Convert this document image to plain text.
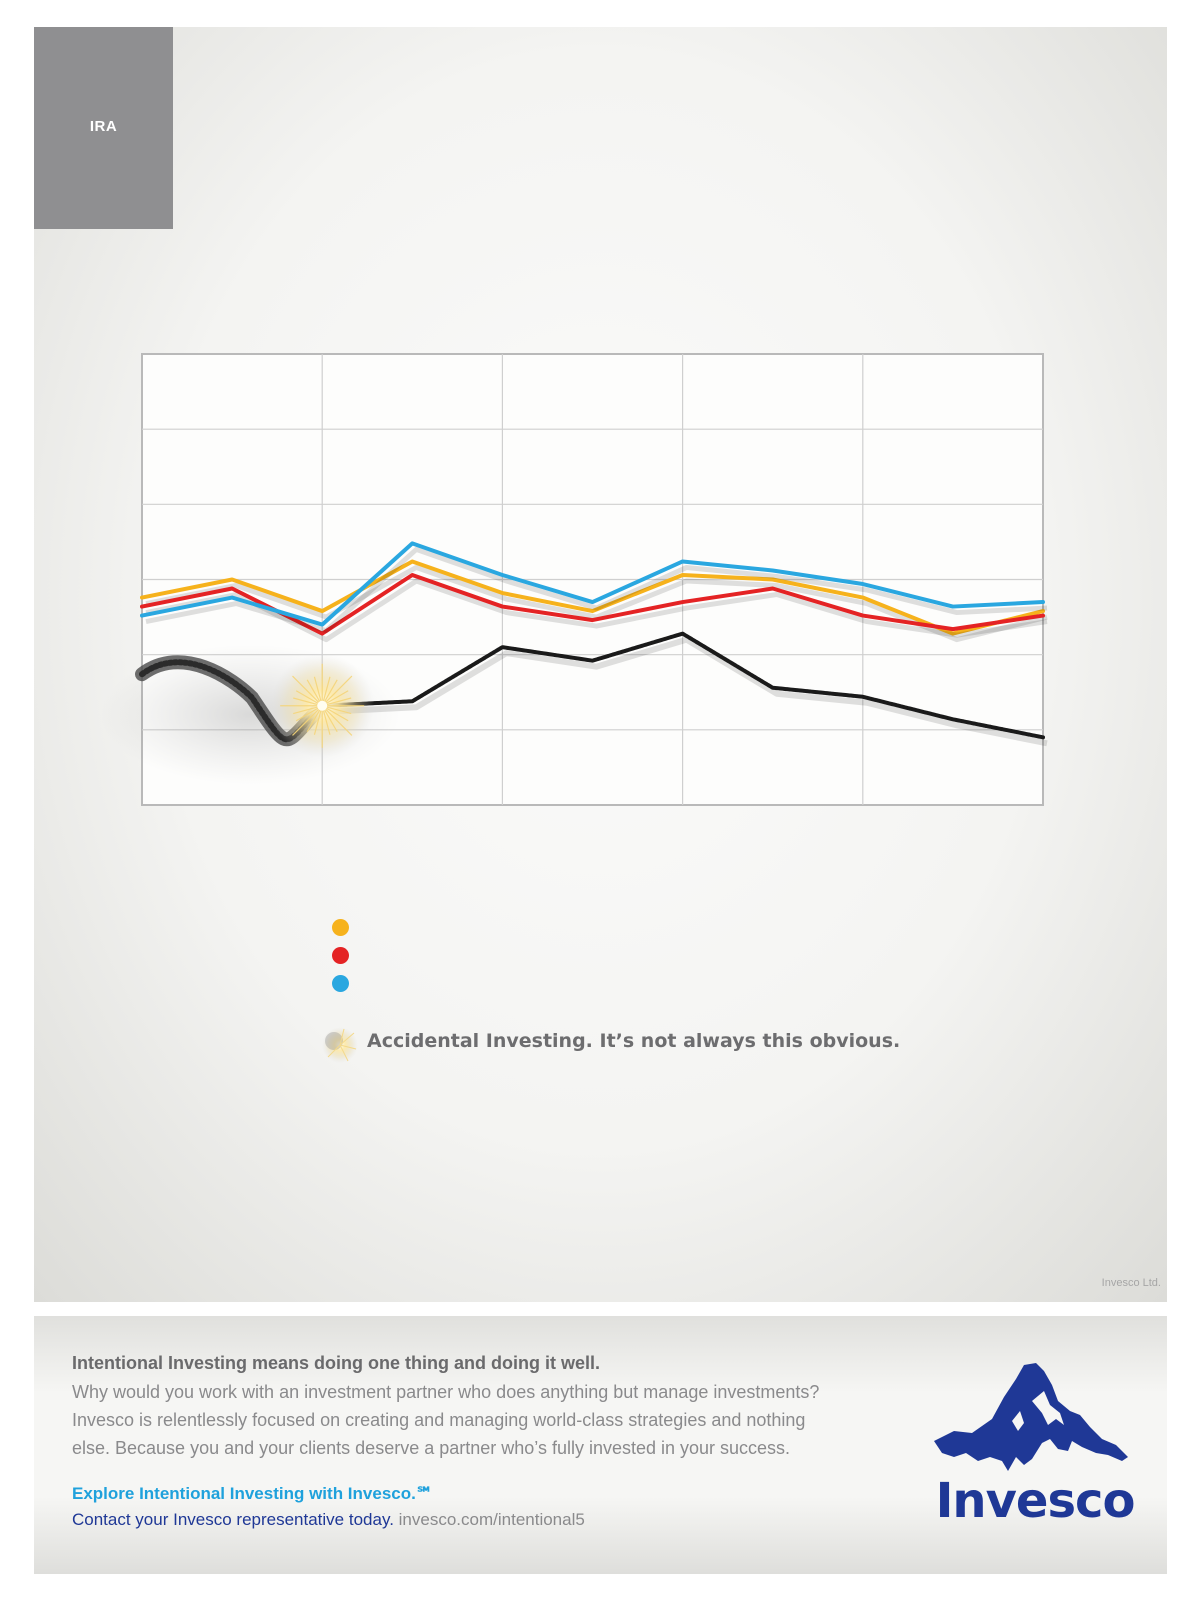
IRA
Accidental Investing. It’s not always this obvious.
Invesco Ltd.
Intentional Investing means doing one thing and doing it well.

Why would you work with an investment partner who does anything but manage investments?

Invesco is relentlessly focused on creating and managing world-class strategies and nothing

else. Because you and your clients deserve a partner who’s fully invested in your success.

Explore Intentional Investing with Invesco.℠
Contact your Invesco representative today. invesco.com/intentional5	Invesco
